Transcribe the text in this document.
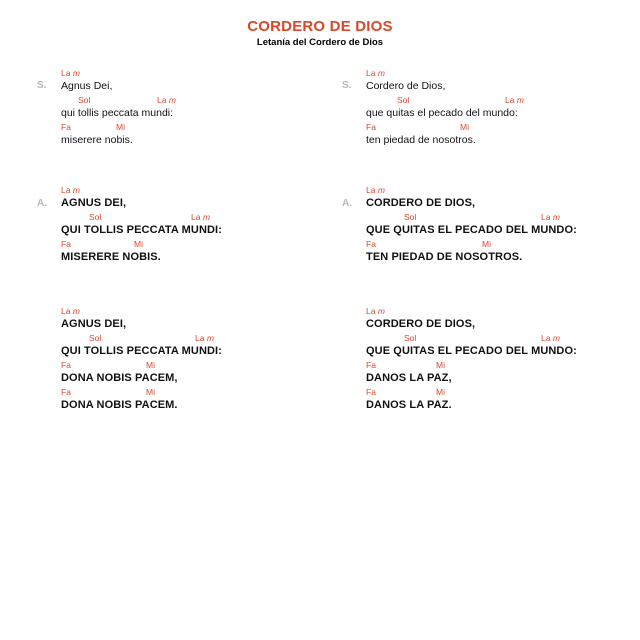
CORDERO DE DIOS
Letanía del Cordero de Dios
S.
La m
Agnus Dei,
Sol	La m
qui tollis peccata mundi:
Fa	Mi
miserere nobis.
A.
La m
AGNUS DEI,
Sol	La m
QUI TOLLIS PECCATA MUNDI:
Fa	Mi
MISERERE NOBIS.
La m
AGNUS DEI,
Sol	La m
QUI TOLLIS PECCATA MUNDI:
Fa	Mi
DONA NOBIS PACEM,
Fa	Mi
DONA NOBIS PACEM.
S.
La m
Cordero de Dios,
Sol	La m
que quitas el pecado del mundo:
Fa	Mi
ten piedad de nosotros.
A.
La m
CORDERO DE DIOS,
Sol	La m
QUE QUITAS EL PECADO DEL MUNDO:
Fa	Mi
TEN PIEDAD DE NOSOTROS.
La m
CORDERO DE DIOS,
Sol	La m
QUE QUITAS EL PECADO DEL MUNDO:
Fa	Mi
DANOS LA PAZ,
Fa	Mi
DANOS LA PAZ.
